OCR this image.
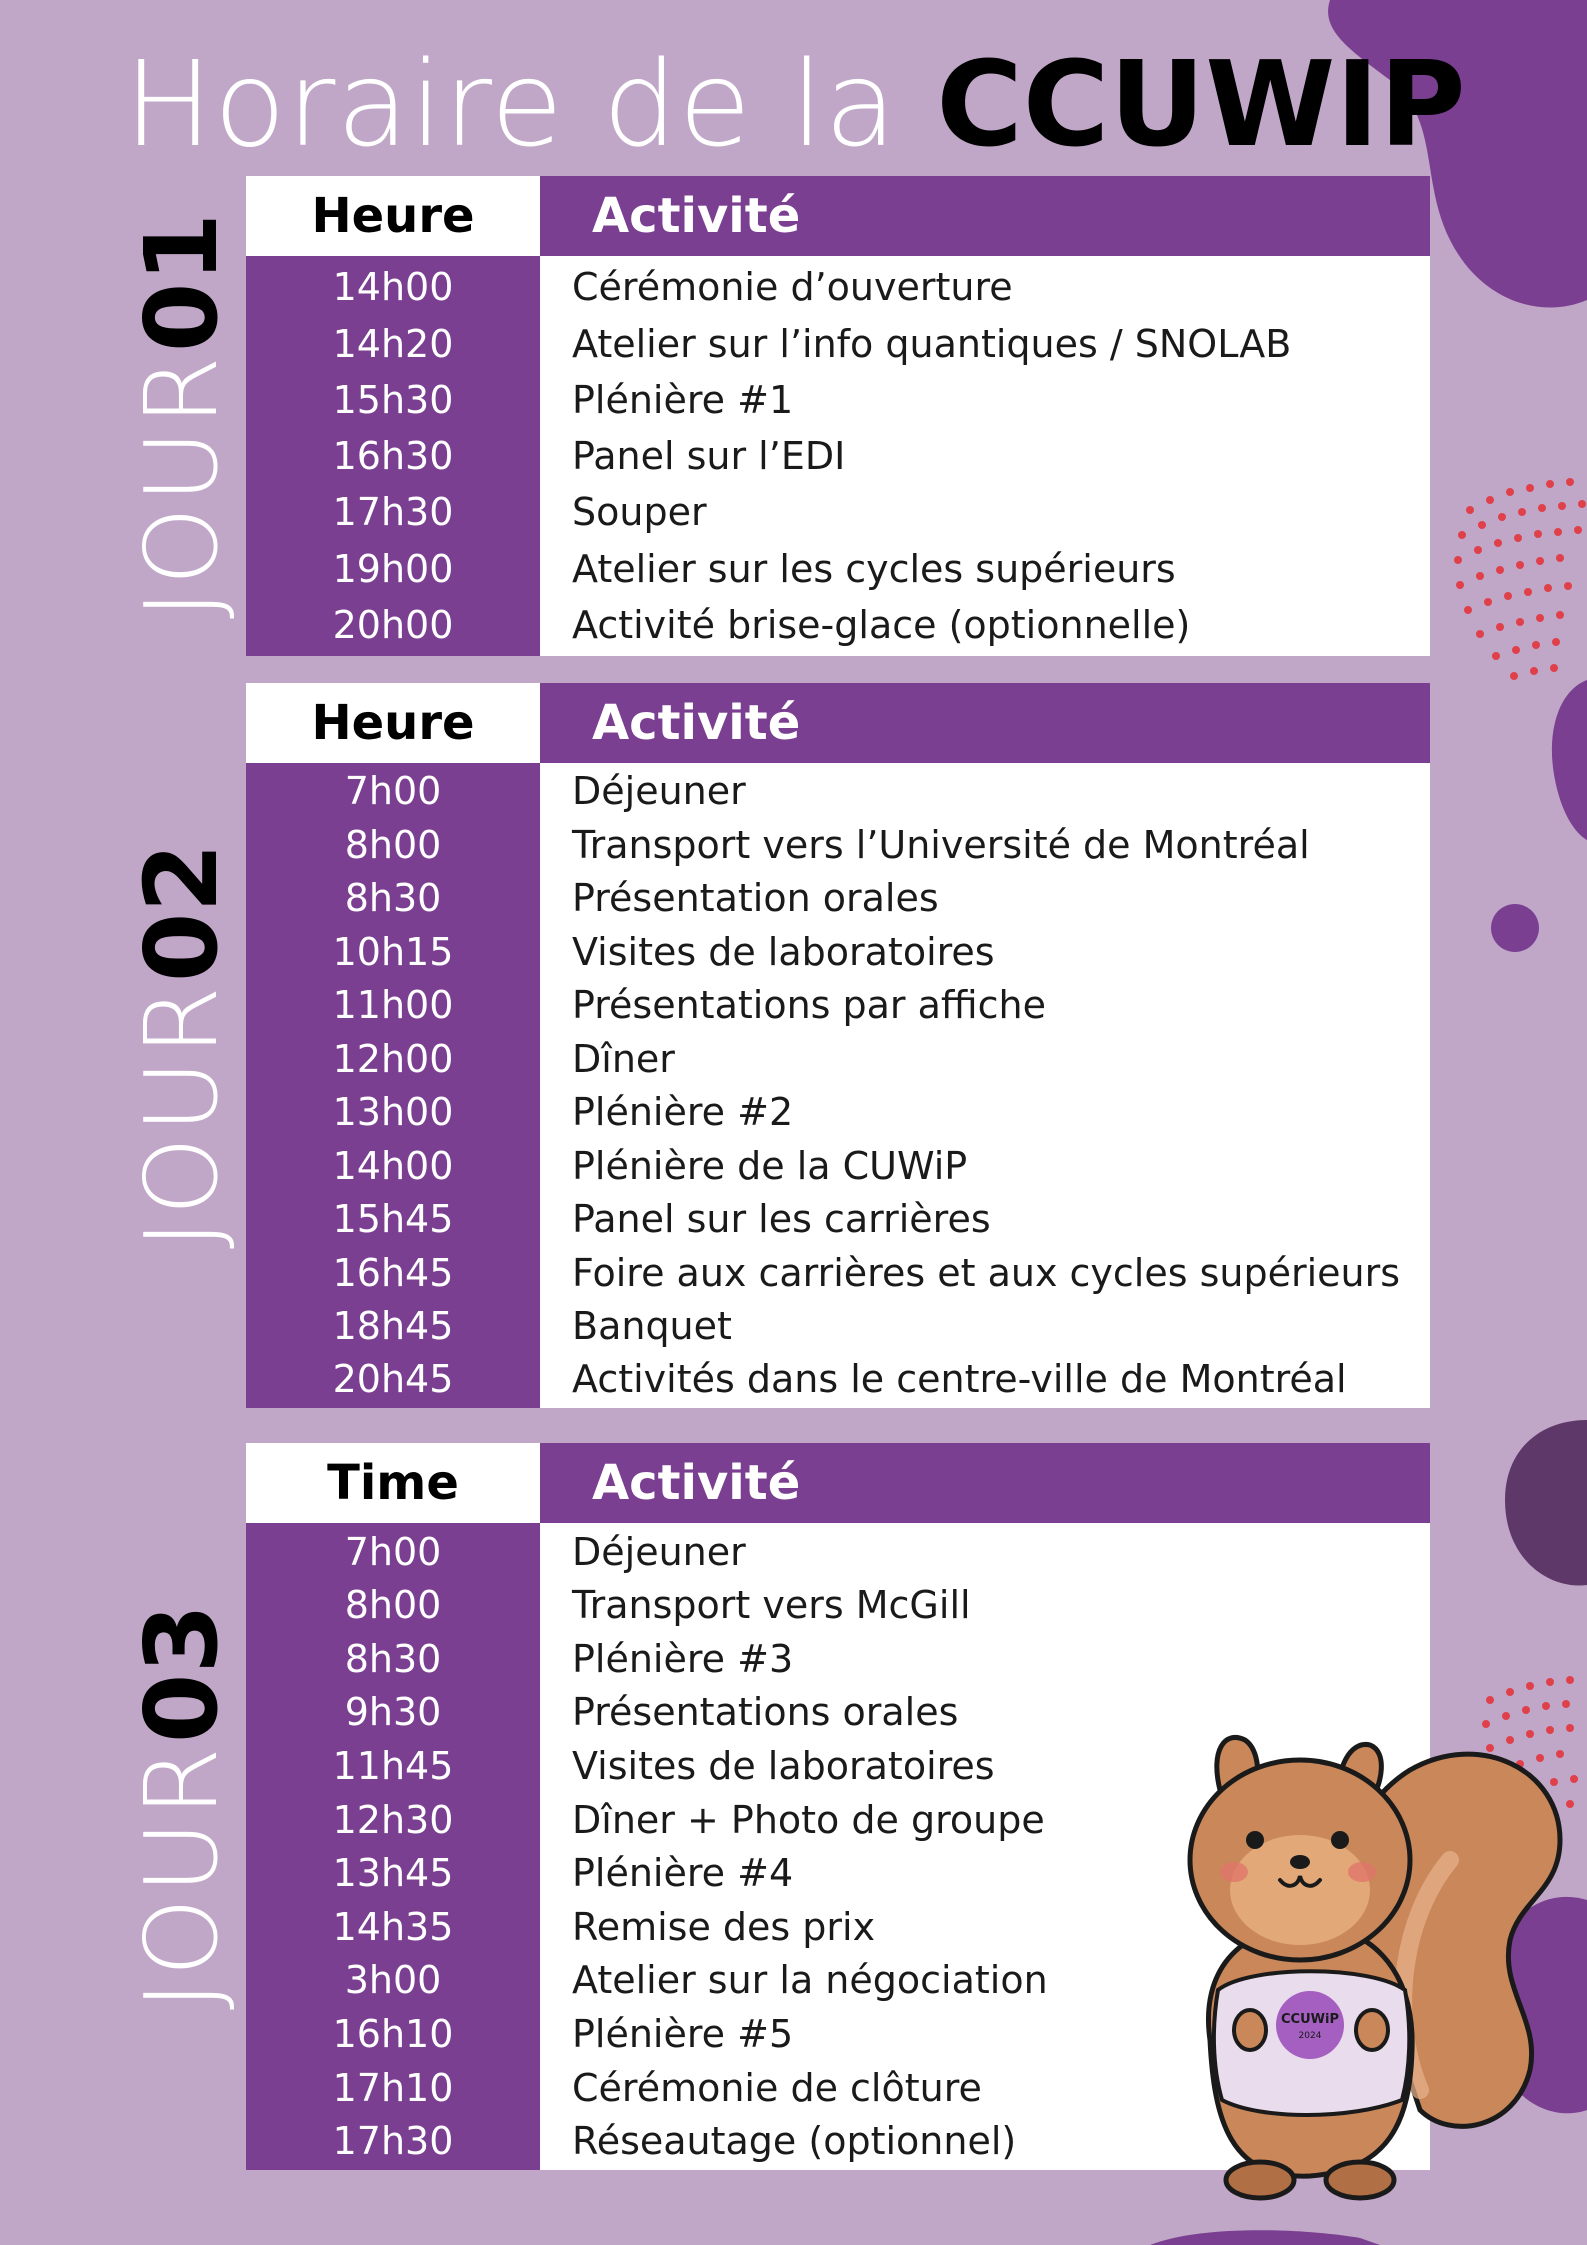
Horaire de la CCUWIP
JOUR01	Heure	Activité
14h00	Cérémonie d’ouverture
14h20	Atelier sur l’info quantiques / SNOLAB
15h30	Plénière #1
16h30	Panel sur l’EDI
17h30	Souper
19h00	Atelier sur les cycles supérieurs
20h00	Activité brise-glace (optionnelle)
JOUR02
Heure	Activité
7h00	Déjeuner
8h00	Transport vers l’Université de Montréal
8h30	Présentation orales
10h15	Visites de laboratoires
11h00	Présentations par affiche
12h00	Dîner
13h00	Plénière #2
14h00	Plénière de la CUWiP
15h45	Panel sur les carrières
16h45	Foire aux carrières et aux cycles supérieurs
18h45	Banquet
20h45	Activités dans le centre-ville de Montréal
JOUR03
Time	Activité
7h00	Déjeuner
8h00	Transport vers McGill
8h30	Plénière #3
9h30	Présentations orales
11h45	Visites de laboratoires
12h30	Dîner + Photo de groupe
13h45	Plénière #4
14h35	Remise des prix
3h00	Atelier sur la négociation
16h10	Plénière #5
17h10	Cérémonie de clôture
17h30	Réseautage (optionnel)
CCUWiP
2024
